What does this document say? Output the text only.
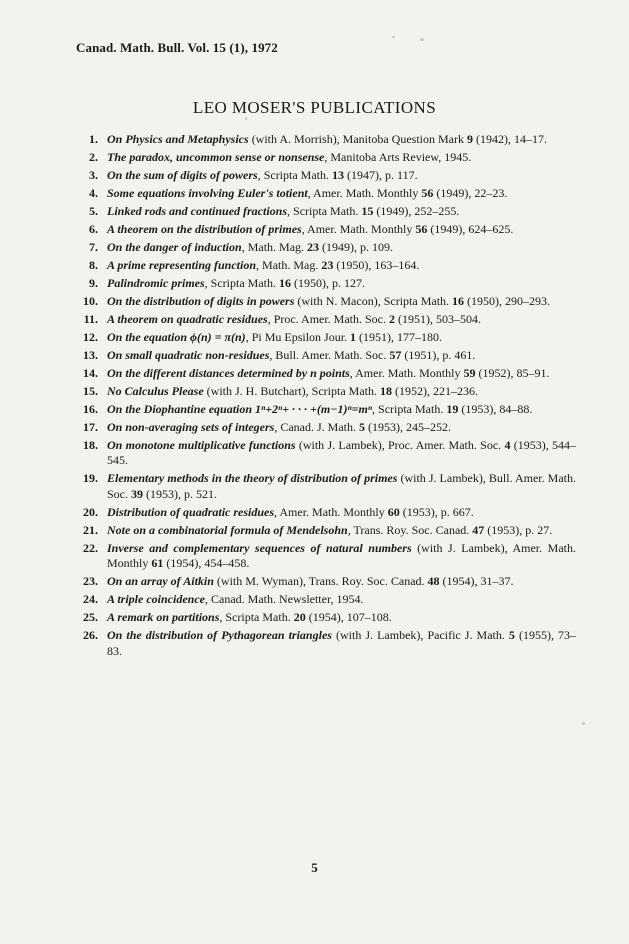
Canad. Math. Bull. Vol. 15 (1), 1972
LEO MOSER'S PUBLICATIONS
1. On Physics and Metaphysics (with A. Morrish), Manitoba Question Mark 9 (1942), 14–17.
2. The paradox, uncommon sense or nonsense, Manitoba Arts Review, 1945.
3. On the sum of digits of powers, Scripta Math. 13 (1947), p. 117.
4. Some equations involving Euler's totient, Amer. Math. Monthly 56 (1949), 22–23.
5. Linked rods and continued fractions, Scripta Math. 15 (1949), 252–255.
6. A theorem on the distribution of primes, Amer. Math. Monthly 56 (1949), 624–625.
7. On the danger of induction, Math. Mag. 23 (1949), p. 109.
8. A prime representing function, Math. Mag. 23 (1950), 163–164.
9. Palindromic primes, Scripta Math. 16 (1950), p. 127.
10. On the distribution of digits in powers (with N. Macon), Scripta Math. 16 (1950), 290–293.
11. A theorem on quadratic residues, Proc. Amer. Math. Soc. 2 (1951), 503–504.
12. On the equation ϕ(n) = π(n), Pi Mu Epsilon Jour. 1 (1951), 177–180.
13. On small quadratic non-residues, Bull. Amer. Math. Soc. 57 (1951), p. 461.
14. On the different distances determined by n points, Amer. Math. Monthly 59 (1952), 85–91.
15. No Calculus Please (with J. H. Butchart), Scripta Math. 18 (1952), 221–236.
16. On the Diophantine equation 1ⁿ+2ⁿ+ · · · +(m−1)ⁿ=mⁿ, Scripta Math. 19 (1953), 84–88.
17. On non-averaging sets of integers, Canad. J. Math. 5 (1953), 245–252.
18. On monotone multiplicative functions (with J. Lambek), Proc. Amer. Math. Soc. 4 (1953), 544–545.
19. Elementary methods in the theory of distribution of primes (with J. Lambek), Bull. Amer. Math. Soc. 39 (1953), p. 521.
20. Distribution of quadratic residues, Amer. Math. Monthly 60 (1953), p. 667.
21. Note on a combinatorial formula of Mendelsohn, Trans. Roy. Soc. Canad. 47 (1953), p. 27.
22. Inverse and complementary sequences of natural numbers (with J. Lambek), Amer. Math. Monthly 61 (1954), 454–458.
23. On an array of Aitkin (with M. Wyman), Trans. Roy. Soc. Canad. 48 (1954), 31–37.
24. A triple coincidence, Canad. Math. Newsletter, 1954.
25. A remark on partitions, Scripta Math. 20 (1954), 107–108.
26. On the distribution of Pythagorean triangles (with J. Lambek), Pacific J. Math. 5 (1955), 73–83.
5
